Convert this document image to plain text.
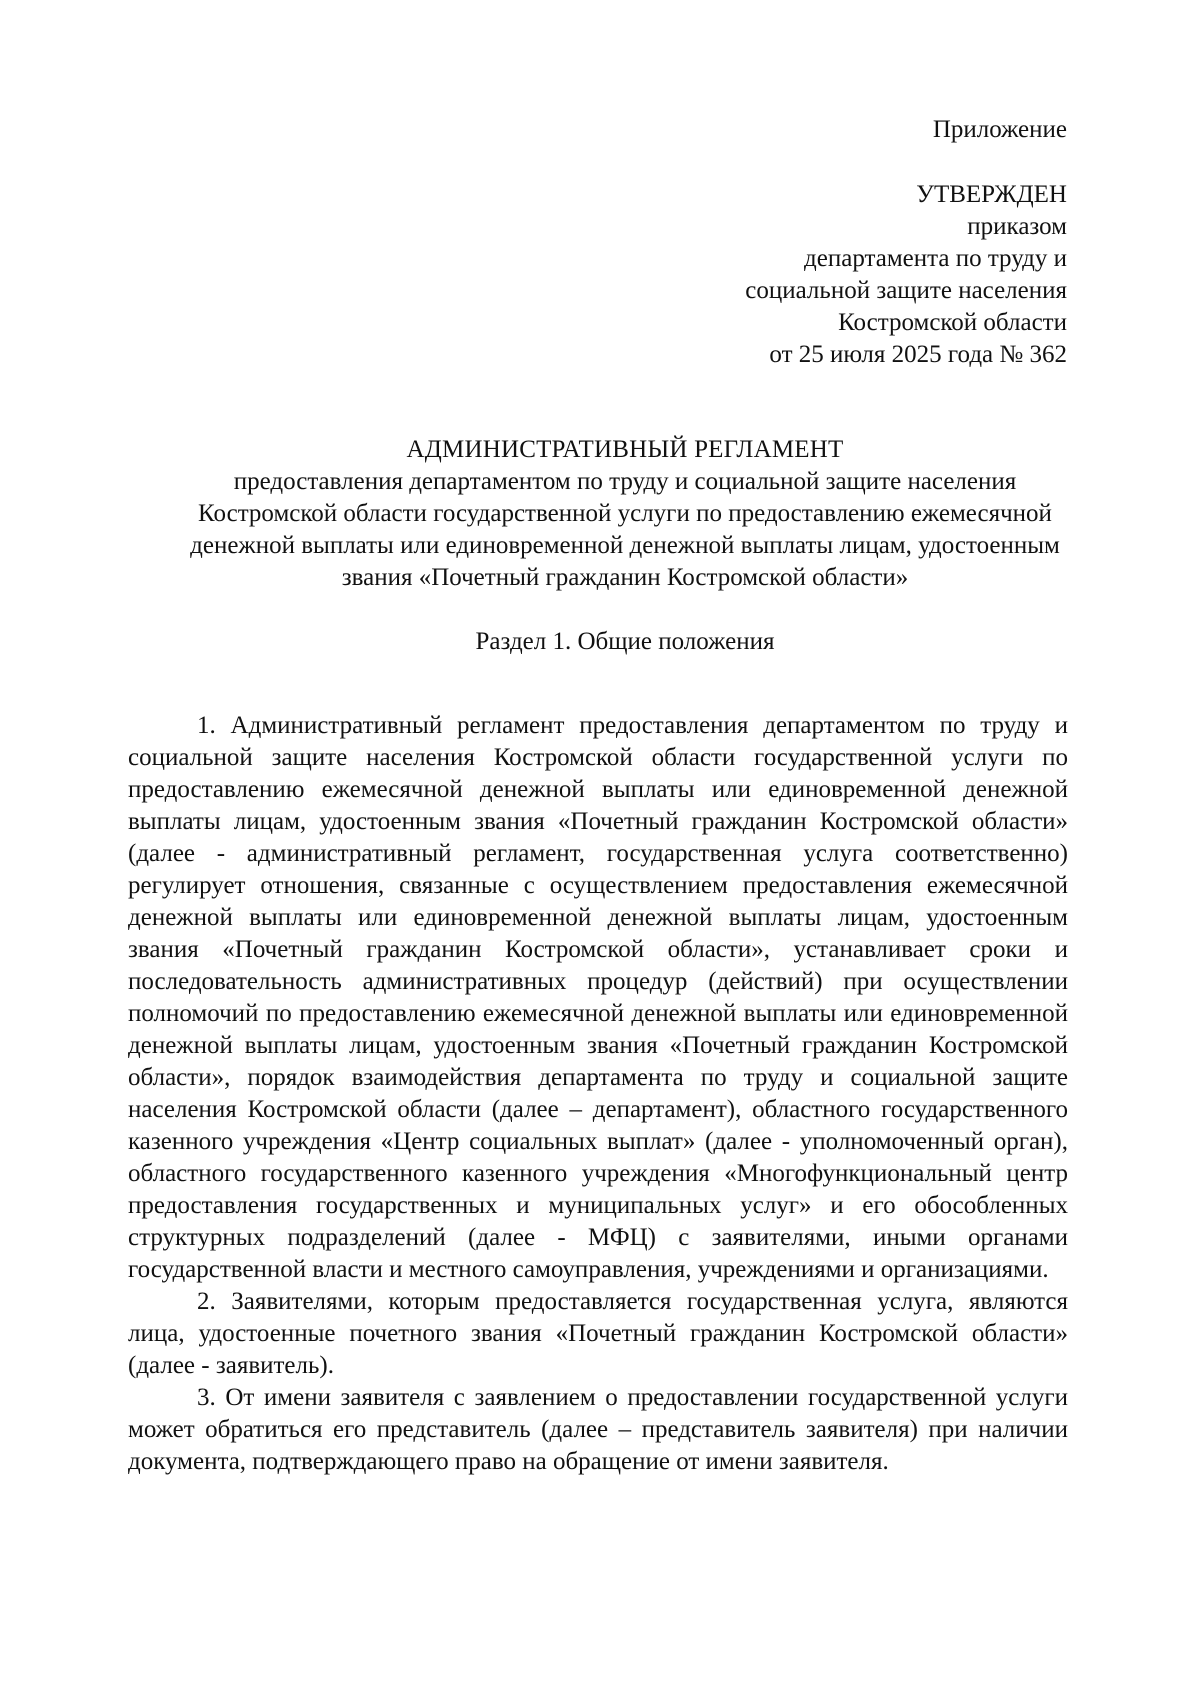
Приложение
УТВЕРЖДЕН
приказом
департамента по труду и
социальной защите населения
Костромской области
от 25 июля 2025 года № 362
АДМИНИСТРАТИВНЫЙ РЕГЛАМЕНТ
предоставления департаментом по труду и социальной защите населения
Костромской области государственной услуги по предоставлению ежемесячной
денежной выплаты или единовременной денежной выплаты лицам, удостоенным
звания «Почетный гражданин Костромской области»
Раздел 1. Общие положения

1. Административный регламент предоставления департаментом по труду и социальной защите населения Костромской области государственной услуги по предоставлению ежемесячной денежной выплаты или единовременной денежной выплаты лицам, удостоенным звания «Почетный гражданин Костромской области» (далее - административный регламент, государственная услуга соответственно) регулирует отношения, связанные с осуществлением предоставления ежемесячной денежной выплаты или единовременной денежной выплаты лицам, удостоенным звания «Почетный гражданин Костромской области», устанавливает сроки и последовательность административных процедур (действий) при осуществлении полномочий по предоставлению ежемесячной денежной выплаты или единовременной денежной выплаты лицам, удостоенным звания «Почетный гражданин Костромской области», порядок взаимодействия департамента по труду и социальной защите населения Костромской области (далее – департамент), областного государственного казенного учреждения «Центр социальных выплат» (далее - уполномоченный орган), областного государственного казенного учреждения «Многофункциональный центр предоставления государственных и муниципальных услуг» и его обособленных структурных подразделений (далее - МФЦ) с заявителями, иными органами государственной власти и местного самоуправления, учреждениями и организациями.

2. Заявителями, которым предоставляется государственная услуга, являются лица, удостоенные почетного звания «Почетный гражданин Костромской области» (далее - заявитель).

3. От имени заявителя с заявлением о предоставлении государственной услуги может обратиться его представитель (далее – представитель заявителя) при наличии документа, подтверждающего право на обращение от имени заявителя.
